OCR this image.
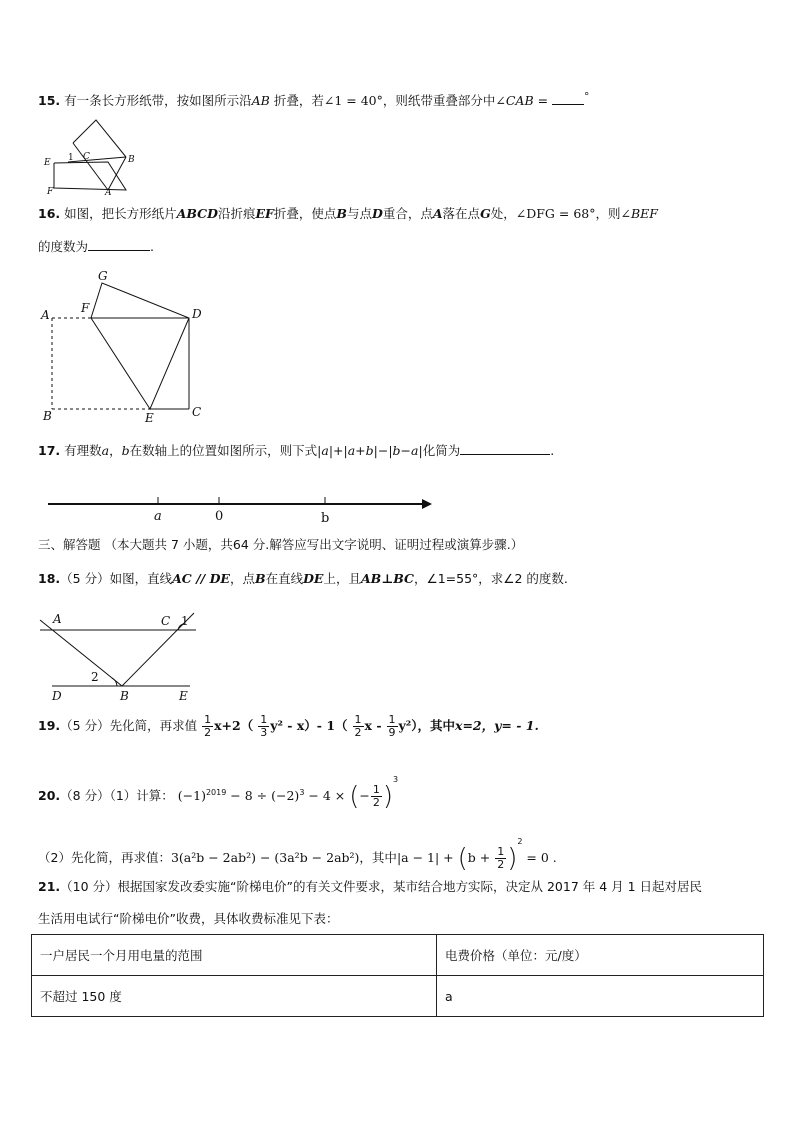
15. 有一条长方形纸带，按如图所示沿AB 折叠，若∠1 = 40°，则纸带重叠部分中∠CAB =	°
E 1 C	B
F	A
16. 如图，把长方形纸片ABCD沿折痕EF折叠，使点B与点D重合，点A落在点G处，∠DFG = 68°，则∠BEF
的度数为	.
G
F
A	D
B	E	C
17. 有理数a，b在数轴上的位置如图所示，则下式|a|+|a+b|−|b−a|化简为	.
a	0	b
三、解答题 （本大题共 7 小题，共64 分.解答应写出文字说明、证明过程或演算步骤.）
18.（5 分）如图，直线AC // DE，点B在直线DE上，且AB⊥BC，∠1=55°，求∠2 的度数.
A	C 1
2
D	B	E
19.（5 分）先化简，再求值 $\frac{1}{2} x+2( \frac{1}{3} y^2 - x)-$ $1( \frac{1}{2}$ x - $\frac{1}{9} y^2$），其中x=2，y= - 1.
20.（8 分）（1）计算： $(-1)^{2019} - 8 \div (-2)^3 - 4$ × (− $\frac{1}{2} )^3$
（2）先化简，再求值：3(a²b − 2ab²) − (3a²b − 2ab²)，其中$|a - 1| + (b + \frac{1}{2} )^2 = 0$ .
21.（10 分）根据国家发改委实施“阶梯电价”的有关文件要求，某市结合地方实际，决定从 2017 年 4 月 1 日起对居民
生活用电试行“阶梯电价”收费，具体收费标准见下表：
一户居民一个月用电量的范围	电费价格（单位：元/度）
不超过 150 度	a
